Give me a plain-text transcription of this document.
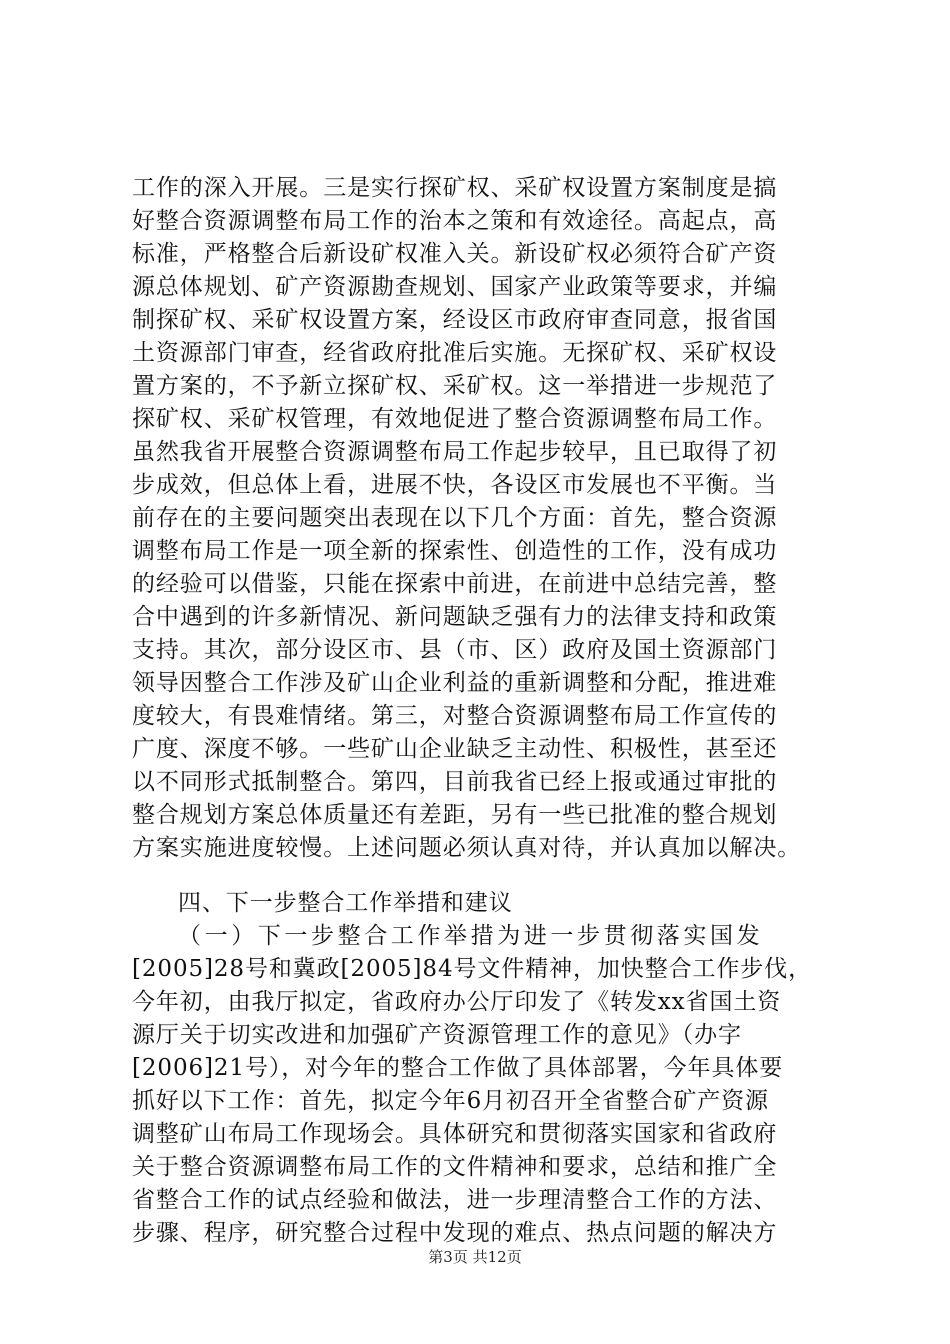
工作的深入开展。三是实行探矿权、采矿权设置方案制度是搞
好整合资源调整布局工作的治本之策和有效途径。高起点，高
标准，严格整合后新设矿权准入关。新设矿权必须符合矿产资
源总体规划、矿产资源勘查规划、国家产业政策等要求，并编
制探矿权、采矿权设置方案，经设区市政府审查同意，报省国
土资源部门审查，经省政府批准后实施。无探矿权、采矿权设
置方案的，不予新立探矿权、采矿权。这一举措进一步规范了
探矿权、采矿权管理，有效地促进了整合资源调整布局工作。
虽然我省开展整合资源调整布局工作起步较早，且已取得了初
步成效，但总体上看，进展不快，各设区市发展也不平衡。当
前存在的主要问题突出表现在以下几个方面：首先，整合资源
调整布局工作是一项全新的探索性、创造性的工作，没有成功
的经验可以借鉴，只能在探索中前进，在前进中总结完善，整
合中遇到的许多新情况、新问题缺乏强有力的法律支持和政策
支持。其次，部分设区市、县（市、区）政府及国土资源部门
领导因整合工作涉及矿山企业利益的重新调整和分配，推进难
度较大，有畏难情绪。第三，对整合资源调整布局工作宣传的
广度、深度不够。一些矿山企业缺乏主动性、积极性，甚至还
以不同形式抵制整合。第四，目前我省已经上报或通过审批的
整合规划方案总体质量还有差距，另有一些已批准的整合规划
方案实施进度较慢。上述问题必须认真对待，并认真加以解决。
四、下一步整合工作举措和建议
（一）下一步整合工作举措为进一步贯彻落实国发
[2005]28号和冀政[2005]84号文件精神，加快整合工作步伐，
今年初，由我厅拟定，省政府办公厅印发了《转发xx省国土资
源厅关于切实改进和加强矿产资源管理工作的意见》（办字
[2006]21号），对今年的整合工作做了具体部署，今年具体要
抓好以下工作：首先，拟定今年6月初召开全省整合矿产资源
调整矿山布局工作现场会。具体研究和贯彻落实国家和省政府
关于整合资源调整布局工作的文件精神和要求，总结和推广全
省整合工作的试点经验和做法，进一步理清整合工作的方法、
步骤、程序，研究整合过程中发现的难点、热点问题的解决方
第3页 共12页
